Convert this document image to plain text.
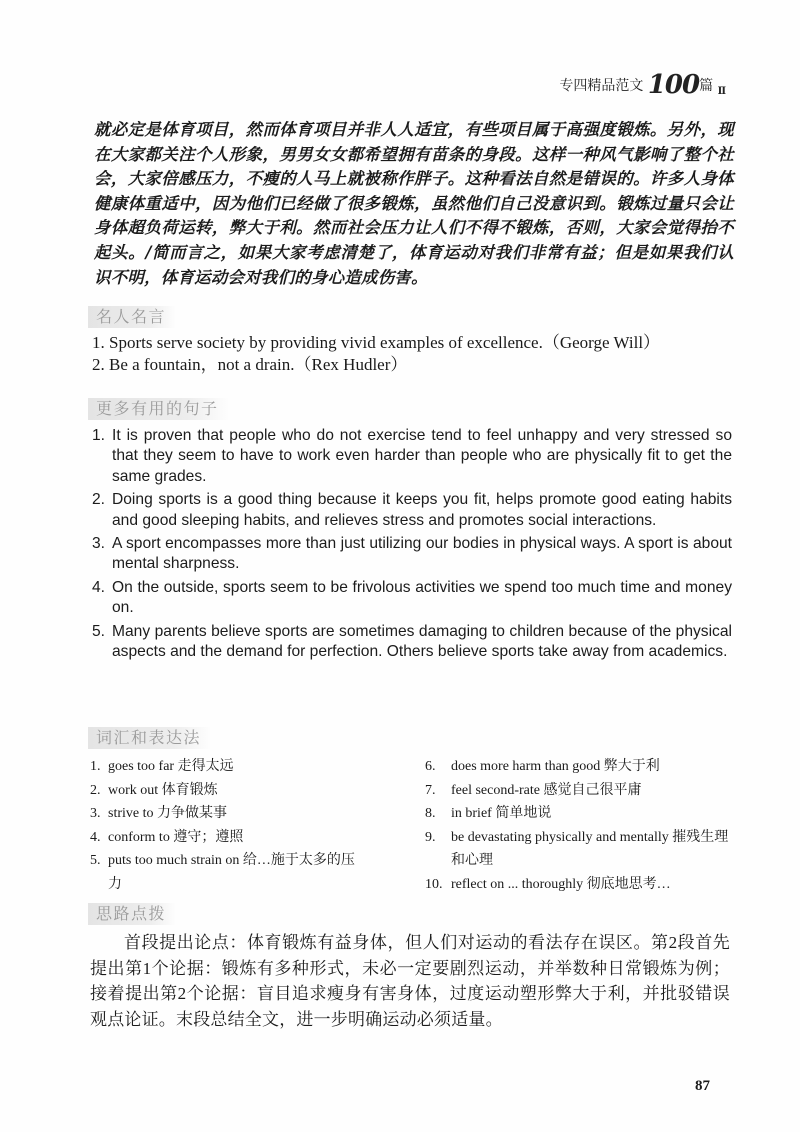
专四精品范文 100篇 $_Ⅱ$

就必定是体育项目，然而体育项目并非人人适宜，有些项目属于高强度锻炼。另外，现在大家都关注个人形象，男男女女都希望拥有苗条的身段。这样一种风气影响了整个社会，大家倍感压力，不瘦的人马上就被称作胖子。这种看法自然是错误的。许多人身体健康体重适中，因为他们已经做了很多锻炼，虽然他们自己没意识到。锻炼过量只会让身体超负荷运转，弊大于利。然而社会压力让人们不得不锻炼，否则，大家会觉得抬不起头。/简而言之，如果大家考虑清楚了，体育运动对我们非常有益；但是如果我们认识不明，体育运动会对我们的身心造成伤害。

名人名言
1. Sports serve society by providing vivid examples of excellence.（George Will）
2. Be a fountain，not a drain.（Rex Hudler）
更多有用的句子
1. It is proven that people who do not exercise tend to feel unhappy and very stressed so that they seem to have to work even harder than people who are physically fit to get the same grades.
2. Doing sports is a good thing because it keeps you fit, helps promote good eating habits and good sleeping habits, and relieves stress and promotes social interactions.
3. A sport encompasses more than just utilizing our bodies in physical ways. A sport is about mental sharpness.
4. On the outside, sports seem to be frivolous activities we spend too much time and money on.
5. Many parents believe sports are sometimes damaging to children because of the physical aspects and the demand for perfection. Others believe sports take away from academics.
词汇和表达法
1. goes too far 走得太远
2. work out 体育锻炼
3. strive to 力争做某事
4. conform to 遵守；遵照
5. puts too much strain on 给…施于太多的压力
6.	does more harm than good 弊大于利
7.	feel second-rate 感觉自己很平庸
8.	in brief 简单地说
9.	be devastating physically and mentally 摧残生理和心理
10. reflect on ... thoroughly 彻底地思考…
思路点拨

首段提出论点：体育锻炼有益身体，但人们对运动的看法存在误区。第2段首先提出第1个论据：锻炼有多种形式，未必一定要剧烈运动，并举数种日常锻炼为例；接着提出第2个论据：盲目追求瘦身有害身体，过度运动塑形弊大于利，并批驳错误观点论证。末段总结全文，进一步明确运动必须适量。

87
